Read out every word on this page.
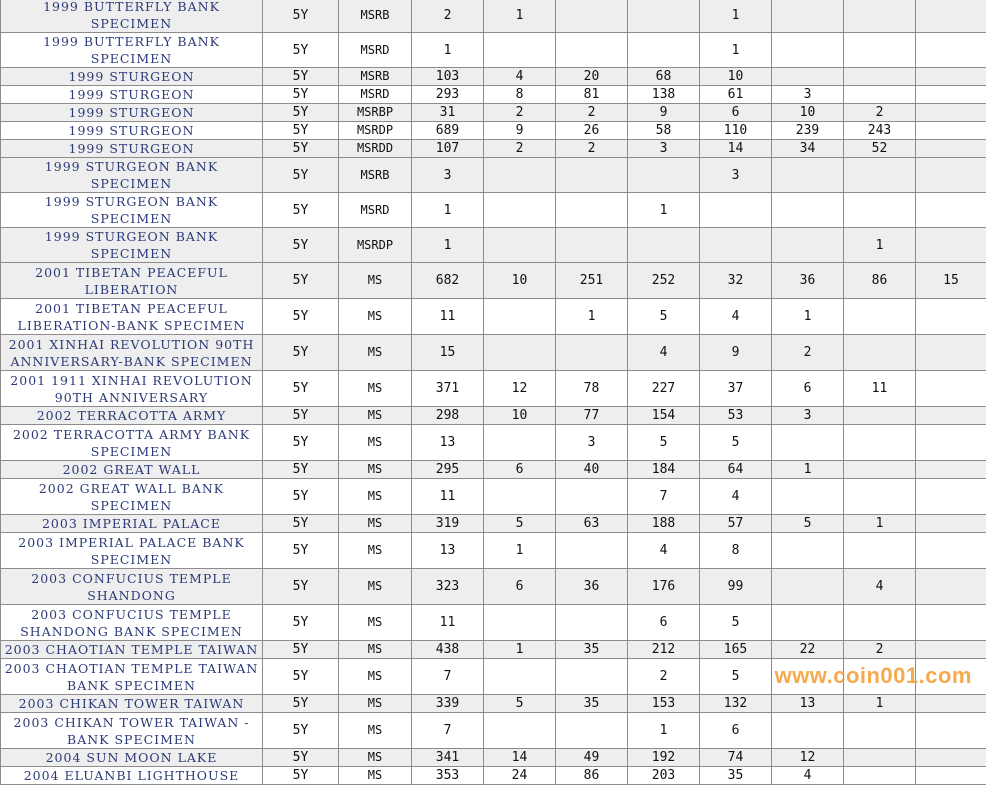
1999 BUTTERFLY BANK SPECIMEN	5Y	MSRB	2	1			1			
1999 BUTTERFLY BANK SPECIMEN	5Y	MSRD	1				1			
1999 STURGEON	5Y	MSRB	103	4	20	68	10			
1999 STURGEON	5Y	MSRD	293	8	81	138	61	3		
1999 STURGEON	5Y	MSRBP	31	2	2	9	6	10	2	
1999 STURGEON	5Y	MSRDP	689	9	26	58	110	239	243	
1999 STURGEON	5Y	MSRDD	107	2	2	3	14	34	52	
1999 STURGEON BANK SPECIMEN	5Y	MSRB	3				3			
1999 STURGEON BANK SPECIMEN	5Y	MSRD	1			1				
1999 STURGEON BANK SPECIMEN	5Y	MSRDP	1						1	
2001 TIBETAN PEACEFUL LIBERATION	5Y	MS	682	10	251	252	32	36	86	15
2001 TIBETAN PEACEFUL LIBERATION-BANK SPECIMEN	5Y	MS	11		1	5	4	1		
2001 XINHAI REVOLUTION 90TH ANNIVERSARY-BANK SPECIMEN	5Y	MS	15			4	9	2		
2001 1911 XINHAI REVOLUTION 90TH ANNIVERSARY	5Y	MS	371	12	78	227	37	6	11	
2002 TERRACOTTA ARMY	5Y	MS	298	10	77	154	53	3		
2002 TERRACOTTA ARMY BANK SPECIMEN	5Y	MS	13		3	5	5			
2002 GREAT WALL	5Y	MS	295	6	40	184	64	1		
2002 GREAT WALL BANK SPECIMEN	5Y	MS	11			7	4			
2003 IMPERIAL PALACE	5Y	MS	319	5	63	188	57	5	1	
2003 IMPERIAL PALACE BANK SPECIMEN	5Y	MS	13	1		4	8			
2003 CONFUCIUS TEMPLE SHANDONG	5Y	MS	323	6	36	176	99		4	
2003 CONFUCIUS TEMPLE SHANDONG BANK SPECIMEN	5Y	MS	11			6	5			
2003 CHAOTIAN TEMPLE TAIWAN	5Y	MS	438	1	35	212	165	22	2	
2003 CHAOTIAN TEMPLE TAIWAN BANK SPECIMEN	5Y	MS	7			2	5			
2003 CHIKAN TOWER TAIWAN	5Y	MS	339	5	35	153	132	13	1	
2003 CHIKAN TOWER TAIWAN - BANK SPECIMEN	5Y	MS	7			1	6			
2004 SUN MOON LAKE	5Y	MS	341	14	49	192	74	12		
2004 ELUANBI LIGHTHOUSE	5Y	MS	353	24	86	203	35	4		
www.coin001.com
